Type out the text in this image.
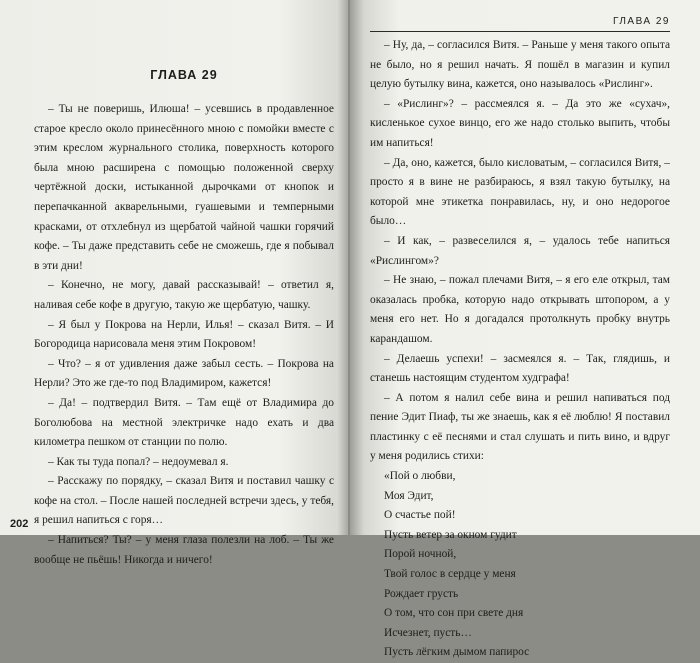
ГЛАВА 29

– Ты не поверишь, Илюша! – усевшись в продавленное старое кресло около принесённого мною с помойки вместе с этим креслом журнального столика, поверхность которого была мною расширена с помощью положенной сверху чертёжной доски, истыканной дырочками от кнопок и перепачканной акварельными, гуашевыми и темперными красками, от отхлебнул из щербатой чайной чашки горячий кофе. – Ты даже представить себе не сможешь, где я побывал в эти дни!

– Конечно, не могу, давай рассказывай! – ответил я, наливая себе кофе в другую, такую же щербатую, чашку.

– Я был у Покрова на Нерли, Илья! – сказал Витя. – И Богородица нарисовала меня этим Покровом!

– Что? – я от удивления даже забыл сесть. – Покрова на Нерли? Это же где-то под Владимиром, кажется!

– Да! – подтвердил Витя. – Там ещё от Владимира до Боголюбова на местной электричке надо ехать и два километра пешком от станции по полю.

– Как ты туда попал? – недоумевал я.

– Расскажу по порядку, – сказал Витя и поставил чашку с кофе на стол. – После нашей последней встречи здесь, у тебя, я решил напиться с горя…

– Напиться? Ты? – у меня глаза полезли на лоб. – Ты же вообще не пьёшь! Никогда и ничего!

202
ГЛАВА 29

– Ну, да, – согласился Витя. – Раньше у меня такого опыта не было, но я решил начать. Я пошёл в магазин и купил целую бутылку вина, кажется, оно называлось «Рислинг».

– «Рислинг»? – рассмеялся я. – Да это же «сухач», кисленькое сухое винцо, его же надо столько выпить, чтобы им напиться!

– Да, оно, кажется, было кисловатым, – согласился Витя, – просто я в вине не разбираюсь, я взял такую бутылку, на которой мне этикетка понравилась, ну, и оно недорогое было…

– И как, – развеселился я, – удалось тебе напиться «Рислингом»?

– Не знаю, – пожал плечами Витя, – я его еле открыл, там оказалась пробка, которую надо открывать штопором, а у меня его нет. Но я догадался протолкнуть пробку внутрь карандашом.

– Делаешь успехи! – засмеялся я. – Так, глядишь, и станешь настоящим студентом худграфа!

– А потом я налил себе вина и решил напиваться под пение Эдит Пиаф, ты же знаешь, как я её люблю! Я поставил пластинку с её песнями и стал слушать и пить вино, и вдруг у меня родились стихи:

«Пой о любви,

Моя Эдит,

О счастье пой!

Пусть ветер за окном гудит

Порой ночной,

Твой голос в сердце у меня

Рождает грусть

О том, что сон при свете дня

Исчезнет, пусть…

Пусть лёгким дымом папирос
